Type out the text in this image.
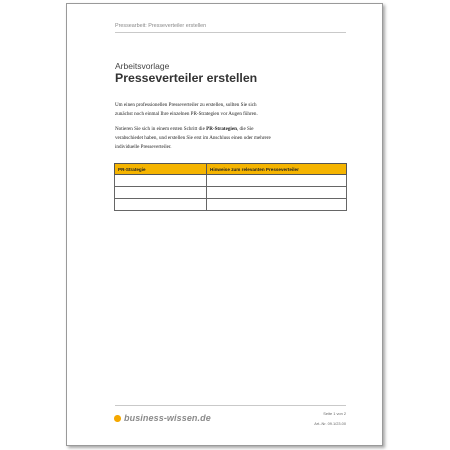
Pressearbeit: Presseverteiler erstellen
Arbeitsvorlage
Presseverteiler erstellen
Um einen professionellen Presseverteiler zu erstellen, sollten Sie sich
zunächst noch einmal Ihre einzelnen PR-Strategien vor Augen führen.
Notieren Sie sich in einem ersten Schritt die PR-Strategien, die Sie
verabschiedet haben, und erstellen Sie erst im Anschluss einen oder mehrere
individuelle Presseverteiler.
PR-Strategie	Hinweise zum relevanten Presseverteiler

business-wissen.de	Seite 1 von 2
Art.-Nr. 09.1/23.00
